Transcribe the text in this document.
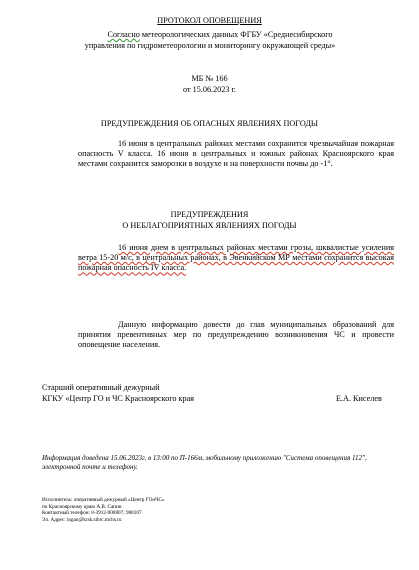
ПРОТОКОЛ ОПОВЕЩЕНИЯ
Согласно метеорологических данных ФГБУ «Среднесибирского
управления по гидрометеорологии и мониторингу окружающей среды»
МБ № 166
от 15.06.2023 г.
ПРЕДУПРЕЖДЕНИЯ ОБ ОПАСНЫХ ЯВЛЕНИЯХ ПОГОДЫ
16 июня в центральных районах местами сохранится чрезвычайная пожарная опасность V класса. 16 июня в центральных и южных районах Красноярского края местами сохранится заморозки в воздухе и на поверхности почвы до -1°.
ПРЕДУПРЕЖДЕНИЯ
О НЕБЛАГОПРИЯТНЫХ ЯВЛЕНИЯХ ПОГОДЫ
16 июня днем в центральных районах местами грозы, шквалистые усиления ветра 15-20 м/с, в центральных районах, в Эвенкийском МР местами сохранится высокая пожарная опасность IV класса.
Данную информацию довести до глав муниципальных образований для принятия превентивных мер по предупреждению возникновения ЧС и провести оповещение населения.
Старший оперативный дежурный
КГКУ «Центр ГО и ЧС Красноярского края	Е.А. Киселев
Информация доведена 15.06.2023г. в 13:00 по П-166м, мобильному приложению "Система оповещения 112", электронной почте и телефону.
Исполнитель: оперативный дежурный «Центр ГОиЧС»
по Красноярскому краю А.В. Сапин
Контактный телефон: 8-3912-908807; 908107
Эл. Адрес: ingan@krsk.sibrc.mchs.ru
